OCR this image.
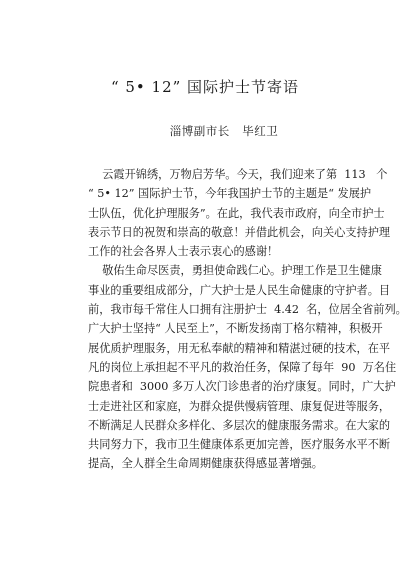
“ 5• 12” 国际护士节寄语
淄博副市长   毕红卫
云霞开锦绣，万物启芳华。今天，我们迎来了第  113   个
“ 5• 12” 国际护士节，今年我国护士节的主题是“ 发展护
士队伍，优化护理服务”。在此，我代表市政府，向全市护士
表示节日的祝贺和崇高的敬意！并借此机会，向关心支持护理
工作的社会各界人士表示衷心的感谢！
敬佑生命尽医责，勇担使命践仁心。护理工作是卫生健康
事业的重要组成部分，广大护士是人民生命健康的守护者。目
前，我市每千常住人口拥有注册护士  4.42  名，位居全省前列。
广大护士坚持“ 人民至上”，不断发扬南丁格尔精神，积极开
展优质护理服务，用无私奉献的精神和精湛过硬的技术，在平
凡的岗位上承担起不平凡的救治任务，保障了每年  90  万名住
院患者和  3000 多万人次门诊患者的治疗康复。同时，广大护
士走进社区和家庭，为群众提供慢病管理、康复促进等服务，
不断满足人民群众多样化、多层次的健康服务需求。在大家的
共同努力下，我市卫生健康体系更加完善，医疗服务水平不断
提高，全人群全生命周期健康获得感显著增强。
